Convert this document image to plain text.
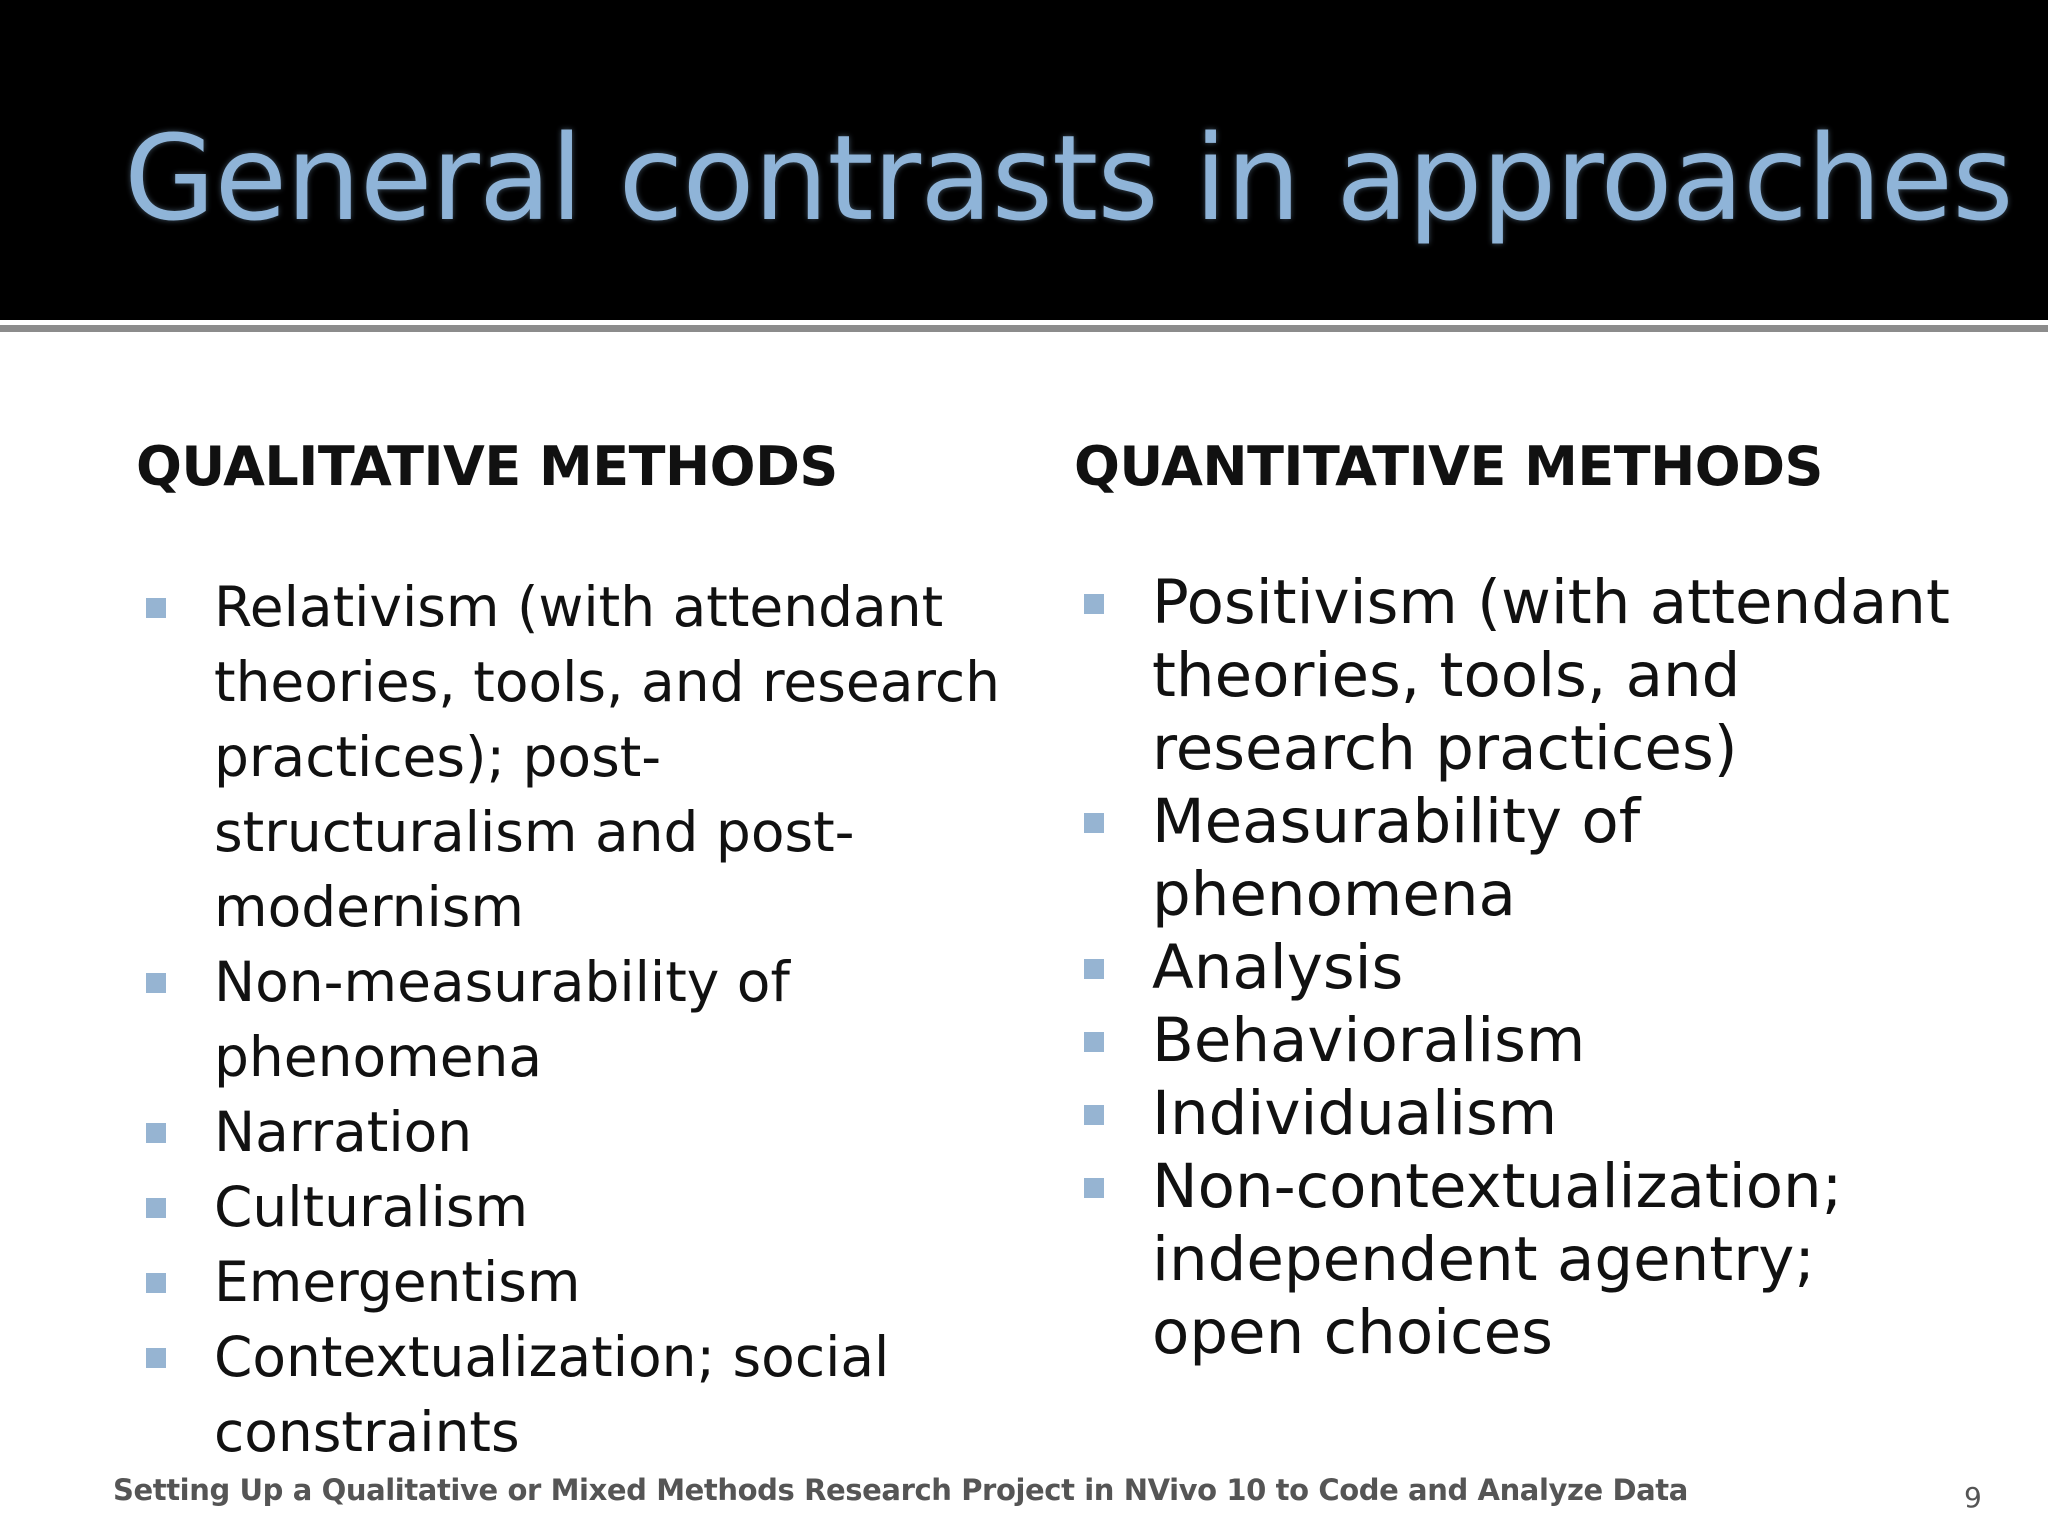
General contrasts in approaches
QUALITATIVE METHODS	QUANTITATIVE METHODS
Relativism (with attendant theories, tools, and research practices); post-structuralism and post-modernism
Non-measurability of phenomena
Narration
Culturalism
Emergentism
Contextualization; social constraints
Positivism (with attendant theories, tools, and research practices)
Measurability of phenomena
Analysis
Behavioralism
Individualism
Non-contextualization; independent agentry; open choices
Setting Up a Qualitative or Mixed Methods Research Project in NVivo 10 to Code and Analyze Data	9
